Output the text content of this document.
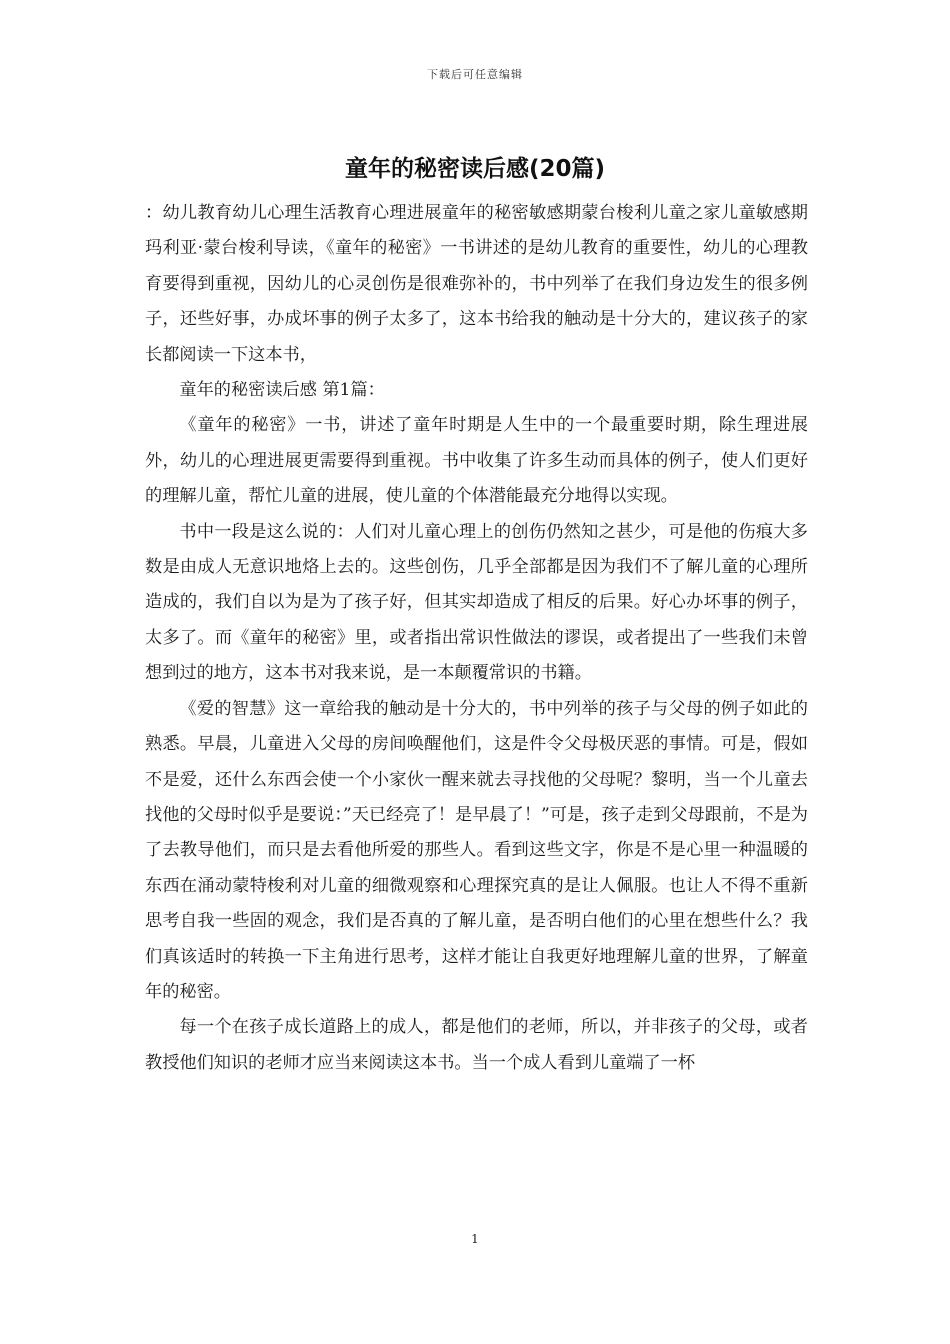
下载后可任意编辑
童年的秘密读后感(20篇)

：幼儿教育幼儿心理生活教育心理进展童年的秘密敏感期蒙台梭利儿童之家儿童敏感期玛利亚·蒙台梭利导读，《童年的秘密》一书讲述的是幼儿教育的重要性，幼儿的心理教育要得到重视，因幼儿的心灵创伤是很难弥补的，书中列举了在我们身边发生的很多例子，还些好事，办成坏事的例子太多了，这本书给我的触动是十分大的，建议孩子的家长都阅读一下这本书，

童年的秘密读后感 第1篇：

《童年的秘密》一书，讲述了童年时期是人生中的一个最重要时期，除生理进展外，幼儿的心理进展更需要得到重视。书中收集了许多生动而具体的例子，使人们更好的理解儿童，帮忙儿童的进展，使儿童的个体潜能最充分地得以实现。

书中一段是这么说的：人们对儿童心理上的创伤仍然知之甚少，可是他的伤痕大多数是由成人无意识地烙上去的。这些创伤，几乎全部都是因为我们不了解儿童的心理所造成的，我们自以为是为了孩子好，但其实却造成了相反的后果。好心办坏事的例子，太多了。而《童年的秘密》里，或者指出常识性做法的谬误，或者提出了一些我们未曾想到过的地方，这本书对我来说，是一本颠覆常识的书籍。

《爱的智慧》这一章给我的触动是十分大的，书中列举的孩子与父母的例子如此的熟悉。早晨，儿童进入父母的房间唤醒他们，这是件令父母极厌恶的事情。可是，假如不是爱，还什么东西会使一个小家伙一醒来就去寻找他的父母呢？黎明，当一个儿童去找他的父母时似乎是要说：”天已经亮了！是早晨了！”可是，孩子走到父母跟前，不是为了去教导他们，而只是去看他所爱的那些人。看到这些文字，你是不是心里一种温暖的东西在涌动蒙特梭利对儿童的细微观察和心理探究真的是让人佩服。也让人不得不重新思考自我一些固的观念，我们是否真的了解儿童，是否明白他们的心里在想些什么？我们真该适时的转换一下主角进行思考，这样才能让自我更好地理解儿童的世界，了解童年的秘密。

每一个在孩子成长道路上的成人，都是他们的老师，所以，并非孩子的父母，或者教授他们知识的老师才应当来阅读这本书。当一个成人看到儿童端了一杯

1
